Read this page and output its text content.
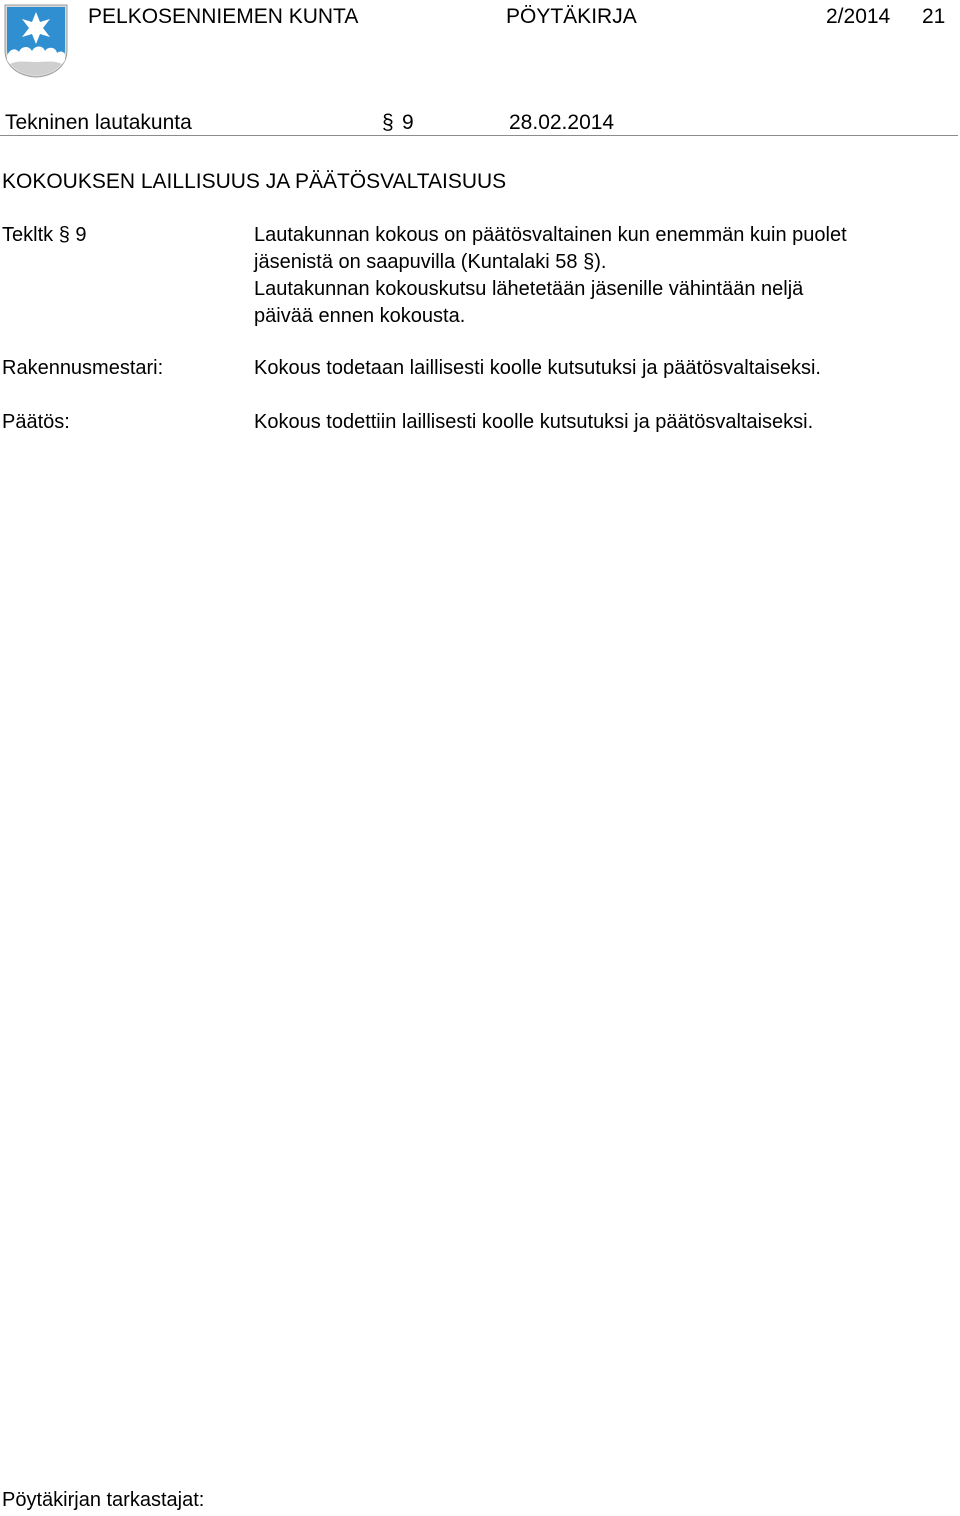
PELKOSENNIEMEN KUNTA	PÖYTÄKIRJA	2/2014 21
Tekninen lautakunta	§ 9	28.02.2014
KOKOUKSEN LAILLISUUS JA PÄÄTÖSVALTAISUUS
Tekltk § 9	Lautakunnan kokous on päätösvaltainen kun enemmän kuin puolet
jäsenistä on saapuvilla (Kuntalaki 58 §).
Lautakunnan kokouskutsu lähetetään jäsenille vähintään neljä
päivää ennen kokousta.
Rakennusmestari:	Kokous todetaan laillisesti koolle kutsutuksi ja päätösvaltaiseksi.
Päätös:	Kokous todettiin laillisesti koolle kutsutuksi ja päätösvaltaiseksi.
Pöytäkirjan tarkastajat:
